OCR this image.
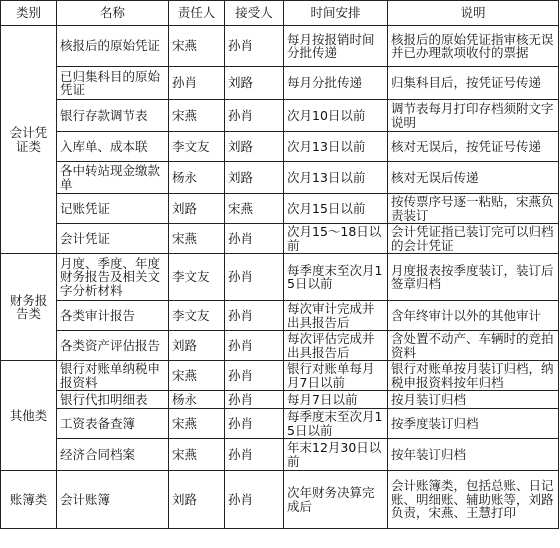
类别	名称	责任人	接受人	时间安排	说明
会计凭证类	核报后的原始凭证	宋燕	孙肖	每月按报销时间分批传递	核报后的原始凭证指审核无误并已办理款项收付的票据
	已归集科目的原始凭证	孙肖	刘路	每月分批传递	归集科目后，按凭证号传递
	银行存款调节表	宋燕	孙肖	次月10日以前	调节表每月打印存档须附文字说明
	入库单、成本联	李文友	刘路	次月13日以前	核对无误后，按凭证号传递
	各中转站现金缴款单	杨永	刘路	次月13日以前	核对无误后传递
	记账凭证	刘路	宋燕	次月15日以前	按传票序号逐一粘贴，宋燕负责装订
	会计凭证	宋燕	孙肖	次月15～18日以前	会计凭证指已装订完可以归档的会计凭证
财务报告类	月度、季度、年度财务报告及相关文字分析材料	李文友	孙肖	每季度末至次月15日以前	月度报表按季度装订，装订后签章归档
	各类审计报告	李文友	孙肖	每次审计完成并出具报告后	含年终审计以外的其他审计
	各类资产评估报告	刘路	孙肖	每次评估完成并出具报告后	含处置不动产、车辆时的竞拍资料
其他类	银行对账单纳税申报资料	宋燕	孙肖	银行对账单每月月7日以前	银行对账单按月装订归档，纳税申报资料按年归档
	银行代扣明细表	杨永	孙肖	每月7日以前	按月装订归档
	工资表备查簿	宋燕	孙肖	每季度末至次月15日以前	按季度装订归档
	经济合同档案	宋燕	孙肖	年末12月30日以前	按年装订归档
账簿类	会计账簿	刘路	孙肖	次年财务决算完成后	会计账簿类，包括总账、日记账、明细账、辅助账等，刘路负责，宋燕、王慧打印
